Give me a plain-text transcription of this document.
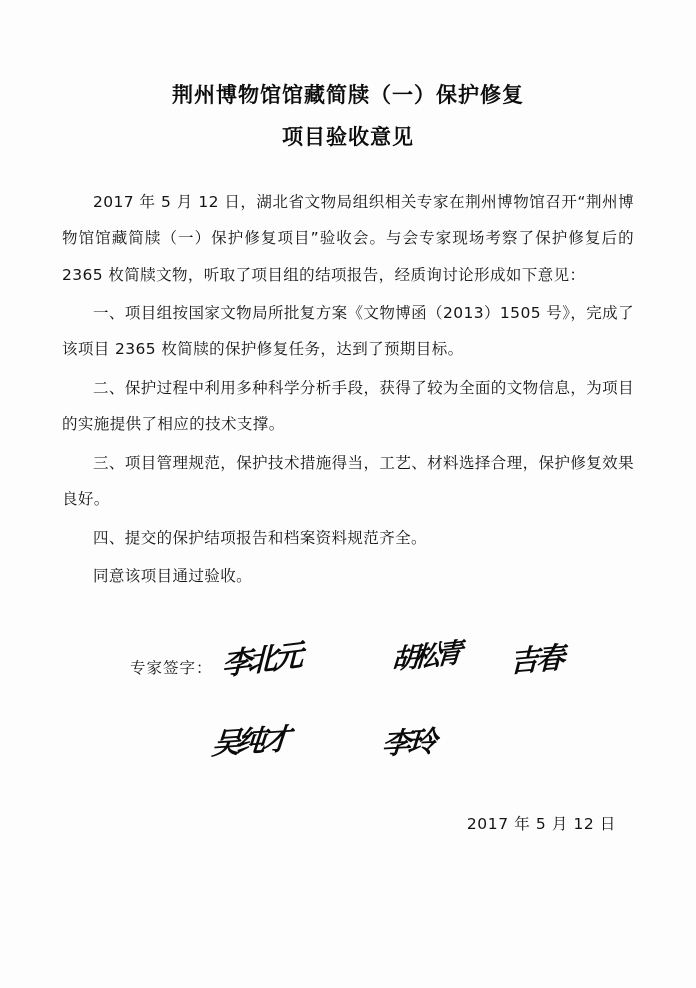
荆州博物馆馆藏简牍（一）保护修复
项目验收意见

2017 年 5 月 12 日，湖北省文物局组织相关专家在荆州博物馆召开“荆州博物馆馆藏简牍（一）保护修复项目”验收会。与会专家现场考察了保护修复后的 2365 枚简牍文物，听取了项目组的结项报告，经质询讨论形成如下意见：

一、项目组按国家文物局所批复方案《文物博函（2013）1505 号》，完成了该项目 2365 枚简牍的保护修复任务，达到了预期目标。

二、保护过程中利用多种科学分析手段，获得了较为全面的文物信息，为项目的实施提供了相应的技术支撑。

三、项目管理规范，保护技术措施得当，工艺、材料选择合理，保护修复效果良好。

四、提交的保护结项报告和档案资料规范齐全。

同意该项目通过验收。

专家签字： 李北元	胡松青 吉春
吴纯才	李玲
2017 年 5 月 12 日
